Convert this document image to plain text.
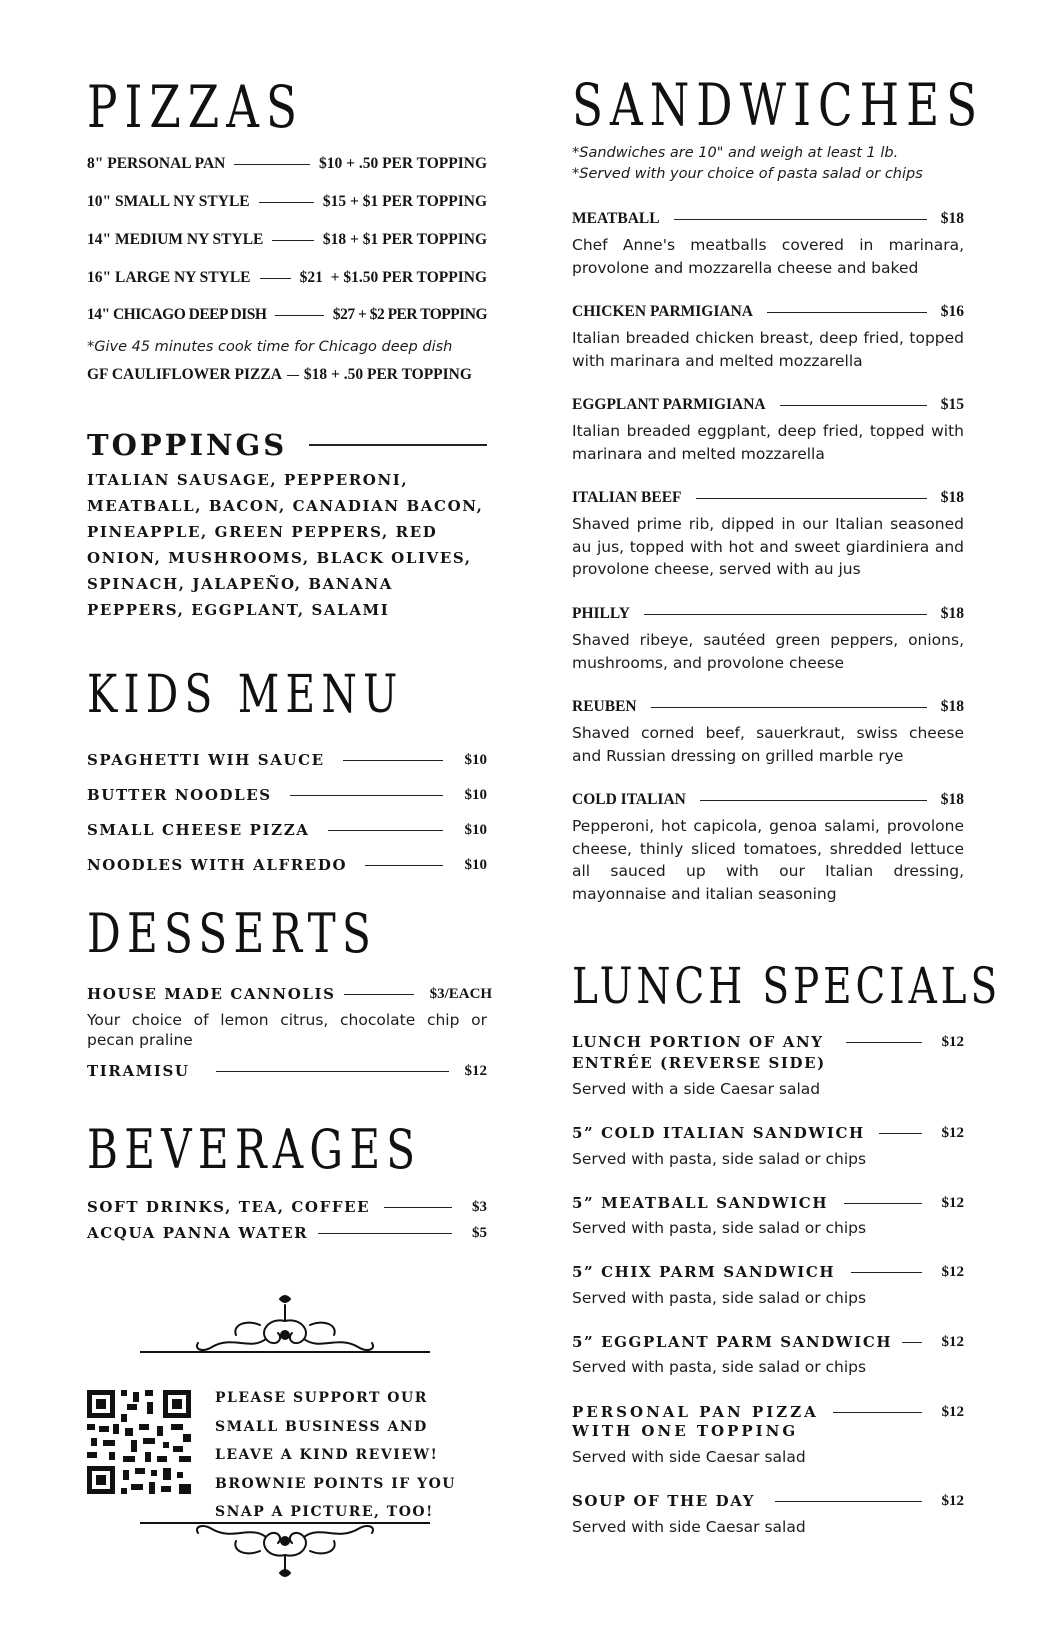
PIZZAS
8" PERSONAL PAN	$10 + .50 PER TOPPING
10" SMALL NY STYLE	$15 + $1 PER TOPPING
14" MEDIUM NY STYLE	$18 + $1 PER TOPPING
16" LARGE NY STYLE	$21  + $1.50 PER TOPPING
14" CHICAGO DEEP DISH	$27 + $2 PER TOPPING

*Give 45 minutes cook time for Chicago deep dish

GF CAULIFLOWER PIZZA $18 + .50 PER TOPPING
TOPPINGS

ITALIAN SAUSAGE, PEPPERONI, MEATBALL, BACON, CANADIAN BACON, PINEAPPLE, GREEN PEPPERS, RED ONION, MUSHROOMS, BLACK OLIVES, SPINACH, JALAPEÑO, BANANA PEPPERS, EGGPLANT, SALAMI

KIDS MENU
SPAGHETTI WIH SAUCE	$10
BUTTER NOODLES	$10
SMALL CHEESE PIZZA	$10
NOODLES WITH ALFREDO	$10
DESSERTS
HOUSE MADE CANNOLIS	$3/EACH

Your choice of lemon citrus, chocolate chip or pecan praline

TIRAMISU	$12
BEVERAGES
SOFT DRINKS, TEA, COFFEE	$3
ACQUA PANNA WATER	$5

PLEASE SUPPORT OUR SMALL BUSINESS AND LEAVE A KIND REVIEW! BROWNIE POINTS IF YOU SNAP A PICTURE, TOO!

SANDWICHES

*Sandwiches are 10" and weigh at least 1 lb.

*Served with your choice of pasta salad or chips

MEATBALL	$18

Chef Anne's meatballs covered in marinara, provolone and mozzarella cheese and baked

CHICKEN PARMIGIANA	$16

Italian breaded chicken breast, deep fried, topped with marinara and melted mozzarella

EGGPLANT PARMIGIANA	$15

Italian breaded eggplant, deep fried, topped with marinara and melted mozzarella

ITALIAN BEEF	$18

Shaved prime rib, dipped in our Italian seasoned au jus, topped with hot and sweet giardiniera and provolone cheese, served with au jus

PHILLY	$18

Shaved ribeye, sautéed green peppers, onions, mushrooms, and provolone cheese

REUBEN	$18

Shaved corned beef, sauerkraut, swiss cheese and Russian dressing on grilled marble rye

COLD ITALIAN	$18

Pepperoni, hot capicola, genoa salami, provolone cheese, thinly sliced tomatoes, shredded lettuce all sauced up with our Italian dressing, mayonnaise and italian seasoning

LUNCH SPECIALS
LUNCH PORTION OF ANY	$12
ENTRÉE (REVERSE SIDE)

Served with a side Caesar salad

5” COLD ITALIAN SANDWICH	$12

Served with pasta, side salad or chips

5” MEATBALL SANDWICH	$12

Served with pasta, side salad or chips

5” CHIX PARM SANDWICH	$12

Served with pasta, side salad or chips

5” EGGPLANT PARM SANDWICH	$12

Served with pasta, side salad or chips

PERSONAL PAN PIZZA	$12
WITH ONE TOPPING

Served with side Caesar salad

SOUP OF THE DAY	$12

Served with side Caesar salad
